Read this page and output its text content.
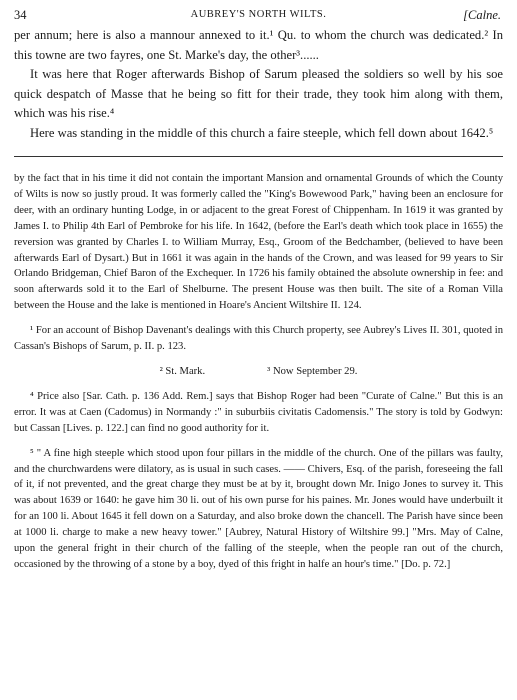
34	AUBREY'S NORTH WILTS.	[Calne.

per annum; here is also a mannour annexed to it.¹ Qu. to whom the church was dedicated.² In this towne are two fayres, one St. Marke's day, the other³......

It was here that Roger afterwards Bishop of Sarum pleased the soldiers so well by his soe quick despatch of Masse that he being so fitt for their trade, they took him along with them, which was his rise.⁴

Here was standing in the middle of this church a faire steeple, which fell down about 1642.⁵

by the fact that in his time it did not contain the important Mansion and ornamental Grounds of which the County of Wilts is now so justly proud. It was formerly called the "King's Bowewood Park," having been an enclosure for deer, with an ordinary hunting Lodge, in or adjacent to the great Forest of Chippenham. In 1619 it was granted by James I. to Philip 4th Earl of Pembroke for his life. In 1642, (before the Earl's death which took place in 1655) the reversion was granted by Charles I. to William Murray, Esq., Groom of the Bedchamber, (believed to have been afterwards Earl of Dysart.) But in 1661 it was again in the hands of the Crown, and was leased for 99 years to Sir Orlando Bridgeman, Chief Baron of the Exchequer. In 1726 his family obtained the absolute ownership in fee: and soon afterwards sold it to the Earl of Shelburne. The present House was then built. The site of a Roman Villa between the House and the lake is mentioned in Hoare's Ancient Wiltshire II. 124.

¹ For an account of Bishop Davenant's dealings with this Church property, see Aubrey's Lives II. 301, quoted in Cassan's Bishops of Sarum, p. II. p. 123.

² St. Mark.	³ Now September 29.

⁴ Price also [Sar. Cath. p. 136 Add. Rem.] says that Bishop Roger had been "Curate of Calne." But this is an error. It was at Caen (Cadomus) in Normandy :" in suburbiis civitatis Cadomensis." The story is told by Godwyn: but Cassan [Lives. p. 122.] can find no good authority for it.

⁵ " A fine high steeple which stood upon four pillars in the middle of the church. One of the pillars was faulty, and the churchwardens were dilatory, as is usual in such cases. —— Chivers, Esq. of the parish, foreseeing the fall of it, if not prevented, and the great charge they must be at by it, brought down Mr. Inigo Jones to survey it. This was about 1639 or 1640: he gave him 30 li. out of his own purse for his paines. Mr. Jones would have underbuilt it for an 100 li. About 1645 it fell down on a Saturday, and also broke down the chancell. The Parish have since been at 1000 li. charge to make a new heavy tower." [Aubrey, Natural History of Wiltshire 99.] "Mrs. May of Calne, upon the general fright in their church of the falling of the steeple, when the people ran out of the church, occasioned by the throwing of a stone by a boy, dyed of this fright in halfe an hour's time." [Do. p. 72.]
